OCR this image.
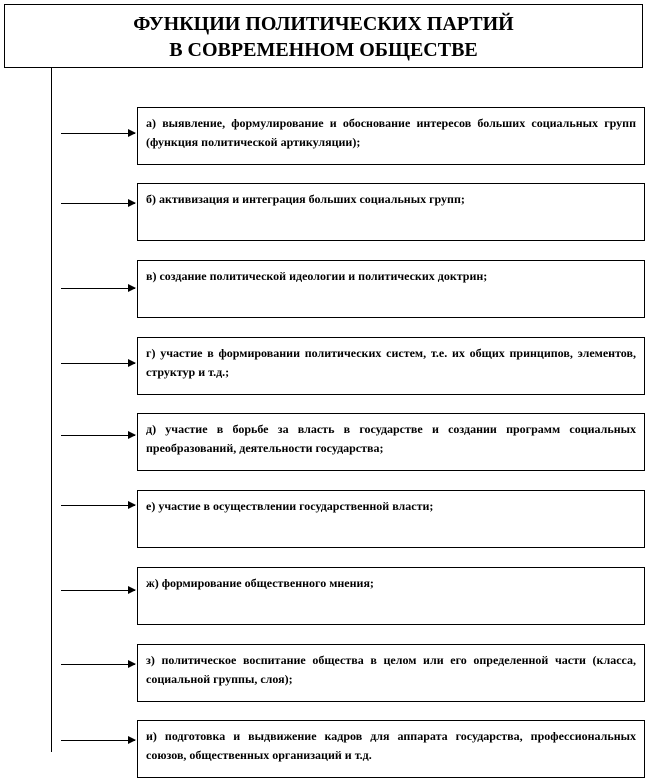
ФУНКЦИИ ПОЛИТИЧЕСКИХ ПАРТИЙ
В СОВРЕМЕННОМ ОБЩЕСТВЕ
а) выявление, формулирование и обоснование интересов больших социальных групп (функция политической артикуляции);
б) активизация и интеграция больших социальных групп;
в) создание политической идеологии и политических доктрин;
г) участие в формировании политических систем, т.е. их общих принципов, элементов, структур и т.д.;
д) участие в борьбе за власть в государстве и создании программ социальных преобразований, деятельности государства;
е) участие в осуществлении государственной власти;
ж) формирование общественного мнения;
з) политическое воспитание общества в целом или его определенной части (класса, социальной группы, слоя);
и) подготовка и выдвижение кадров для аппарата государства, профессиональных союзов, общественных организаций и т.д.
